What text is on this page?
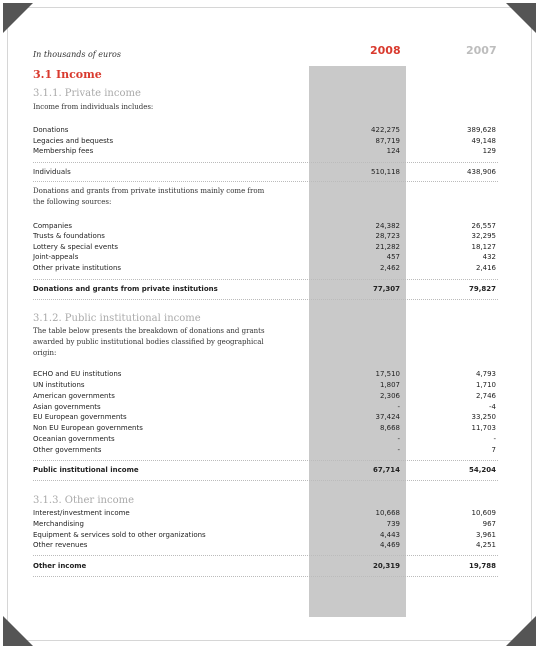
In thousands of euros	2008	2007
3.1 Income
3.1.1. Private income
Income from individuals includes:
Donations	422,275	389,628
Legacies and bequests	87,719	49,148
Membership fees	124	129
Individuals	510,118	438,906
Donations and grants from private institutions mainly come from the following sources:
Companies	24,382	26,557
Trusts & foundations	28,723	32,295
Lottery & special events	21,282	18,127
Joint-appeals	457	432
Other private institutions	2,462	2,416
Donations and grants from private institutions	77,307	79,827
3.1.2. Public institutional income
The table below presents the breakdown of donations and grants awarded by public institutional bodies classified by geographical origin:
ECHO and EU institutions	17,510	4,793
UN institutions	1,807	1,710
American governments	2,306	2,746
Asian governments	-	-4
EU European governments	37,424	33,250
Non EU European governments	8,668	11,703
Oceanian governments	-	-
Other governments	-	7
Public institutional income	67,714	54,204
3.1.3. Other income
Interest/investment income	10,668	10,609
Merchandising	739	967
Equipment & services sold to other organizations	4,443	3,961
Other revenues	4,469	4,251
Other income	20,319	19,788
